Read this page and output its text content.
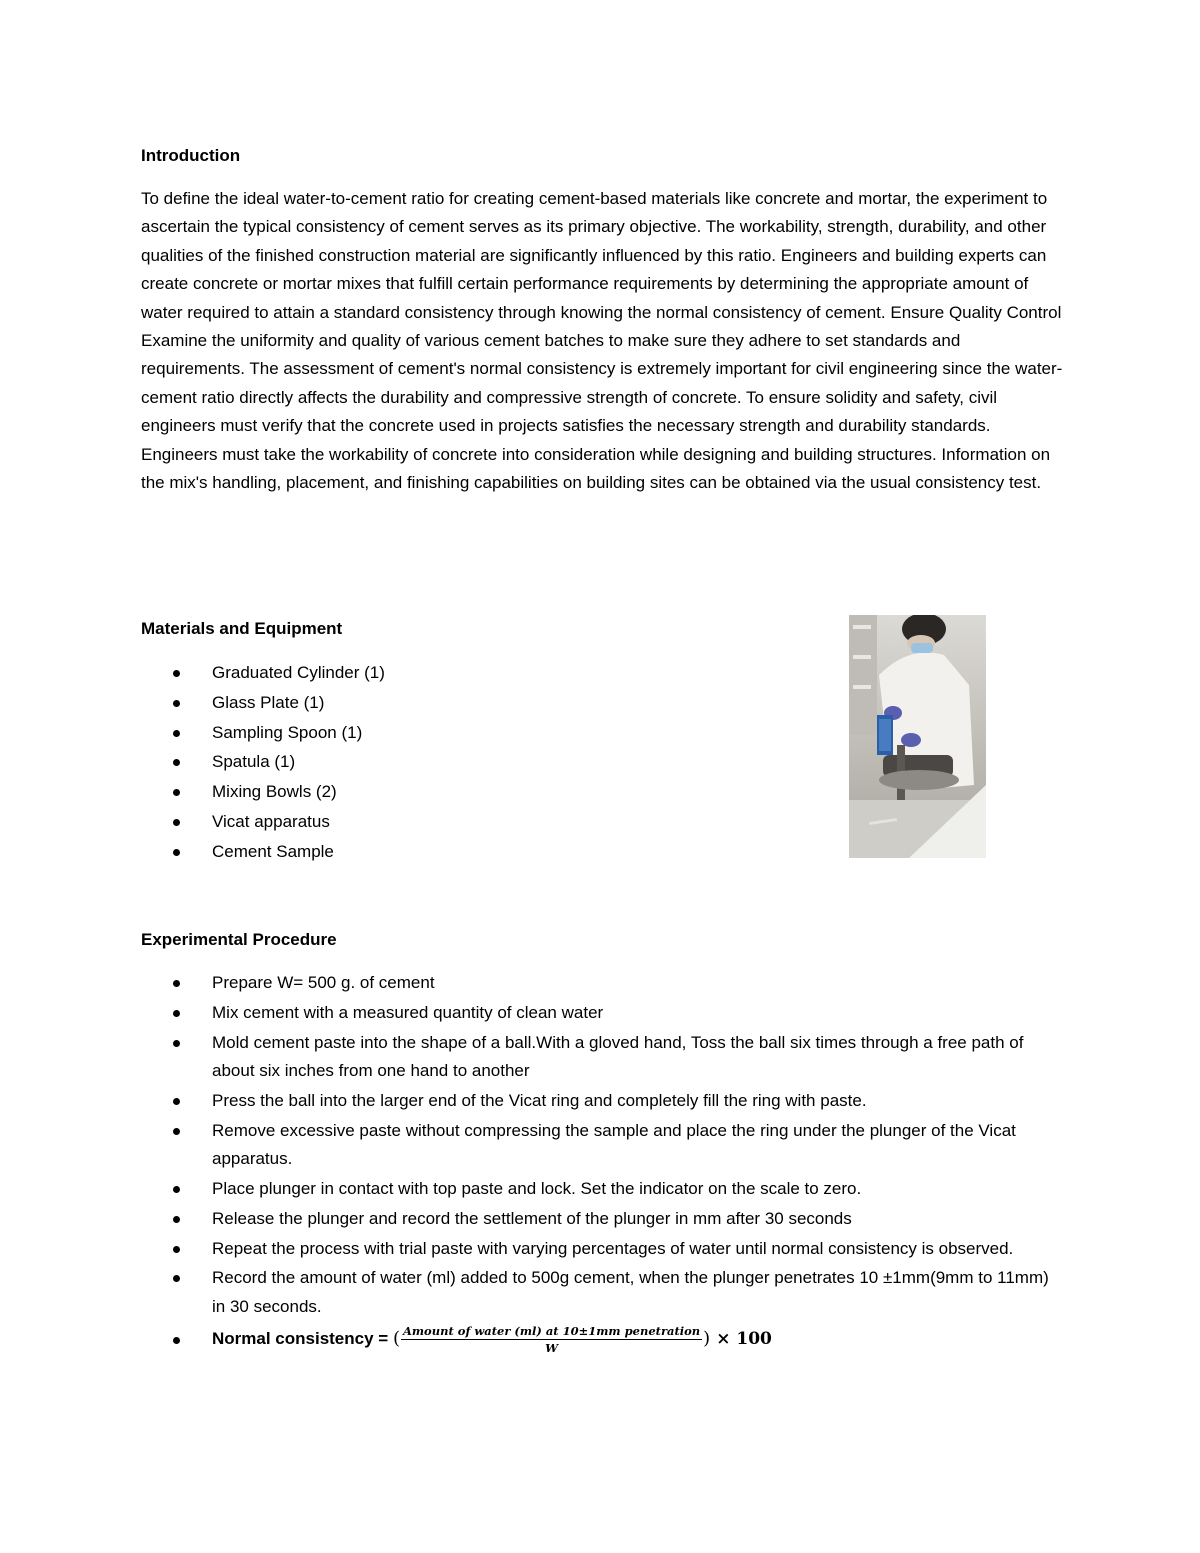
Introduction

To define the ideal water-to-cement ratio for creating cement-based materials like concrete and mortar, the experiment to ascertain the typical consistency of cement serves as its primary objective. The workability, strength, durability, and other qualities of the finished construction material are significantly influenced by this ratio. Engineers and building experts can create concrete or mortar mixes that fulfill certain performance requirements by determining the appropriate amount of water required to attain a standard consistency through knowing the normal consistency of cement. Ensure Quality Control Examine the uniformity and quality of various cement batches to make sure they adhere to set standards and requirements. The assessment of cement's normal consistency is extremely important for civil engineering since the water-cement ratio directly affects the durability and compressive strength of concrete. To ensure solidity and safety, civil engineers must verify that the concrete used in projects satisfies the necessary strength and durability standards. Engineers must take the workability of concrete into consideration while designing and building structures. Information on the mix's handling, placement, and finishing capabilities on building sites can be obtained via the usual consistency test.

Materials and Equipment
Graduated Cylinder (1)
Glass Plate (1)
Sampling Spoon (1)
Spatula (1)
Mixing Bowls (2)
Vicat apparatus
Cement Sample
Experimental Procedure
Prepare W= 500 g. of cement
Mix cement with a measured quantity of clean water
Mold cement paste into the shape of a ball.With a gloved hand, Toss the ball six times through a free path of about six inches from one hand to another
Press the ball into the larger end of the Vicat ring and completely fill the ring with paste.
Remove excessive paste without compressing the sample and place the ring under the plunger of the Vicat apparatus.
Place plunger in contact with top paste and lock. Set the indicator on the scale to zero.
Release the plunger and record the settlement of the plunger in mm after 30 seconds
Repeat the process with trial paste with varying percentages of water until normal consistency is observed.
Record the amount of water (ml) added to 500g cement, when the plunger penetrates 10 ±1mm(9mm to 11mm) in 30 seconds.
Normal consistency = ( $\frac{\text{Amount of water (ml) at 10±1mm penetration}}{W}$ ) × 100
